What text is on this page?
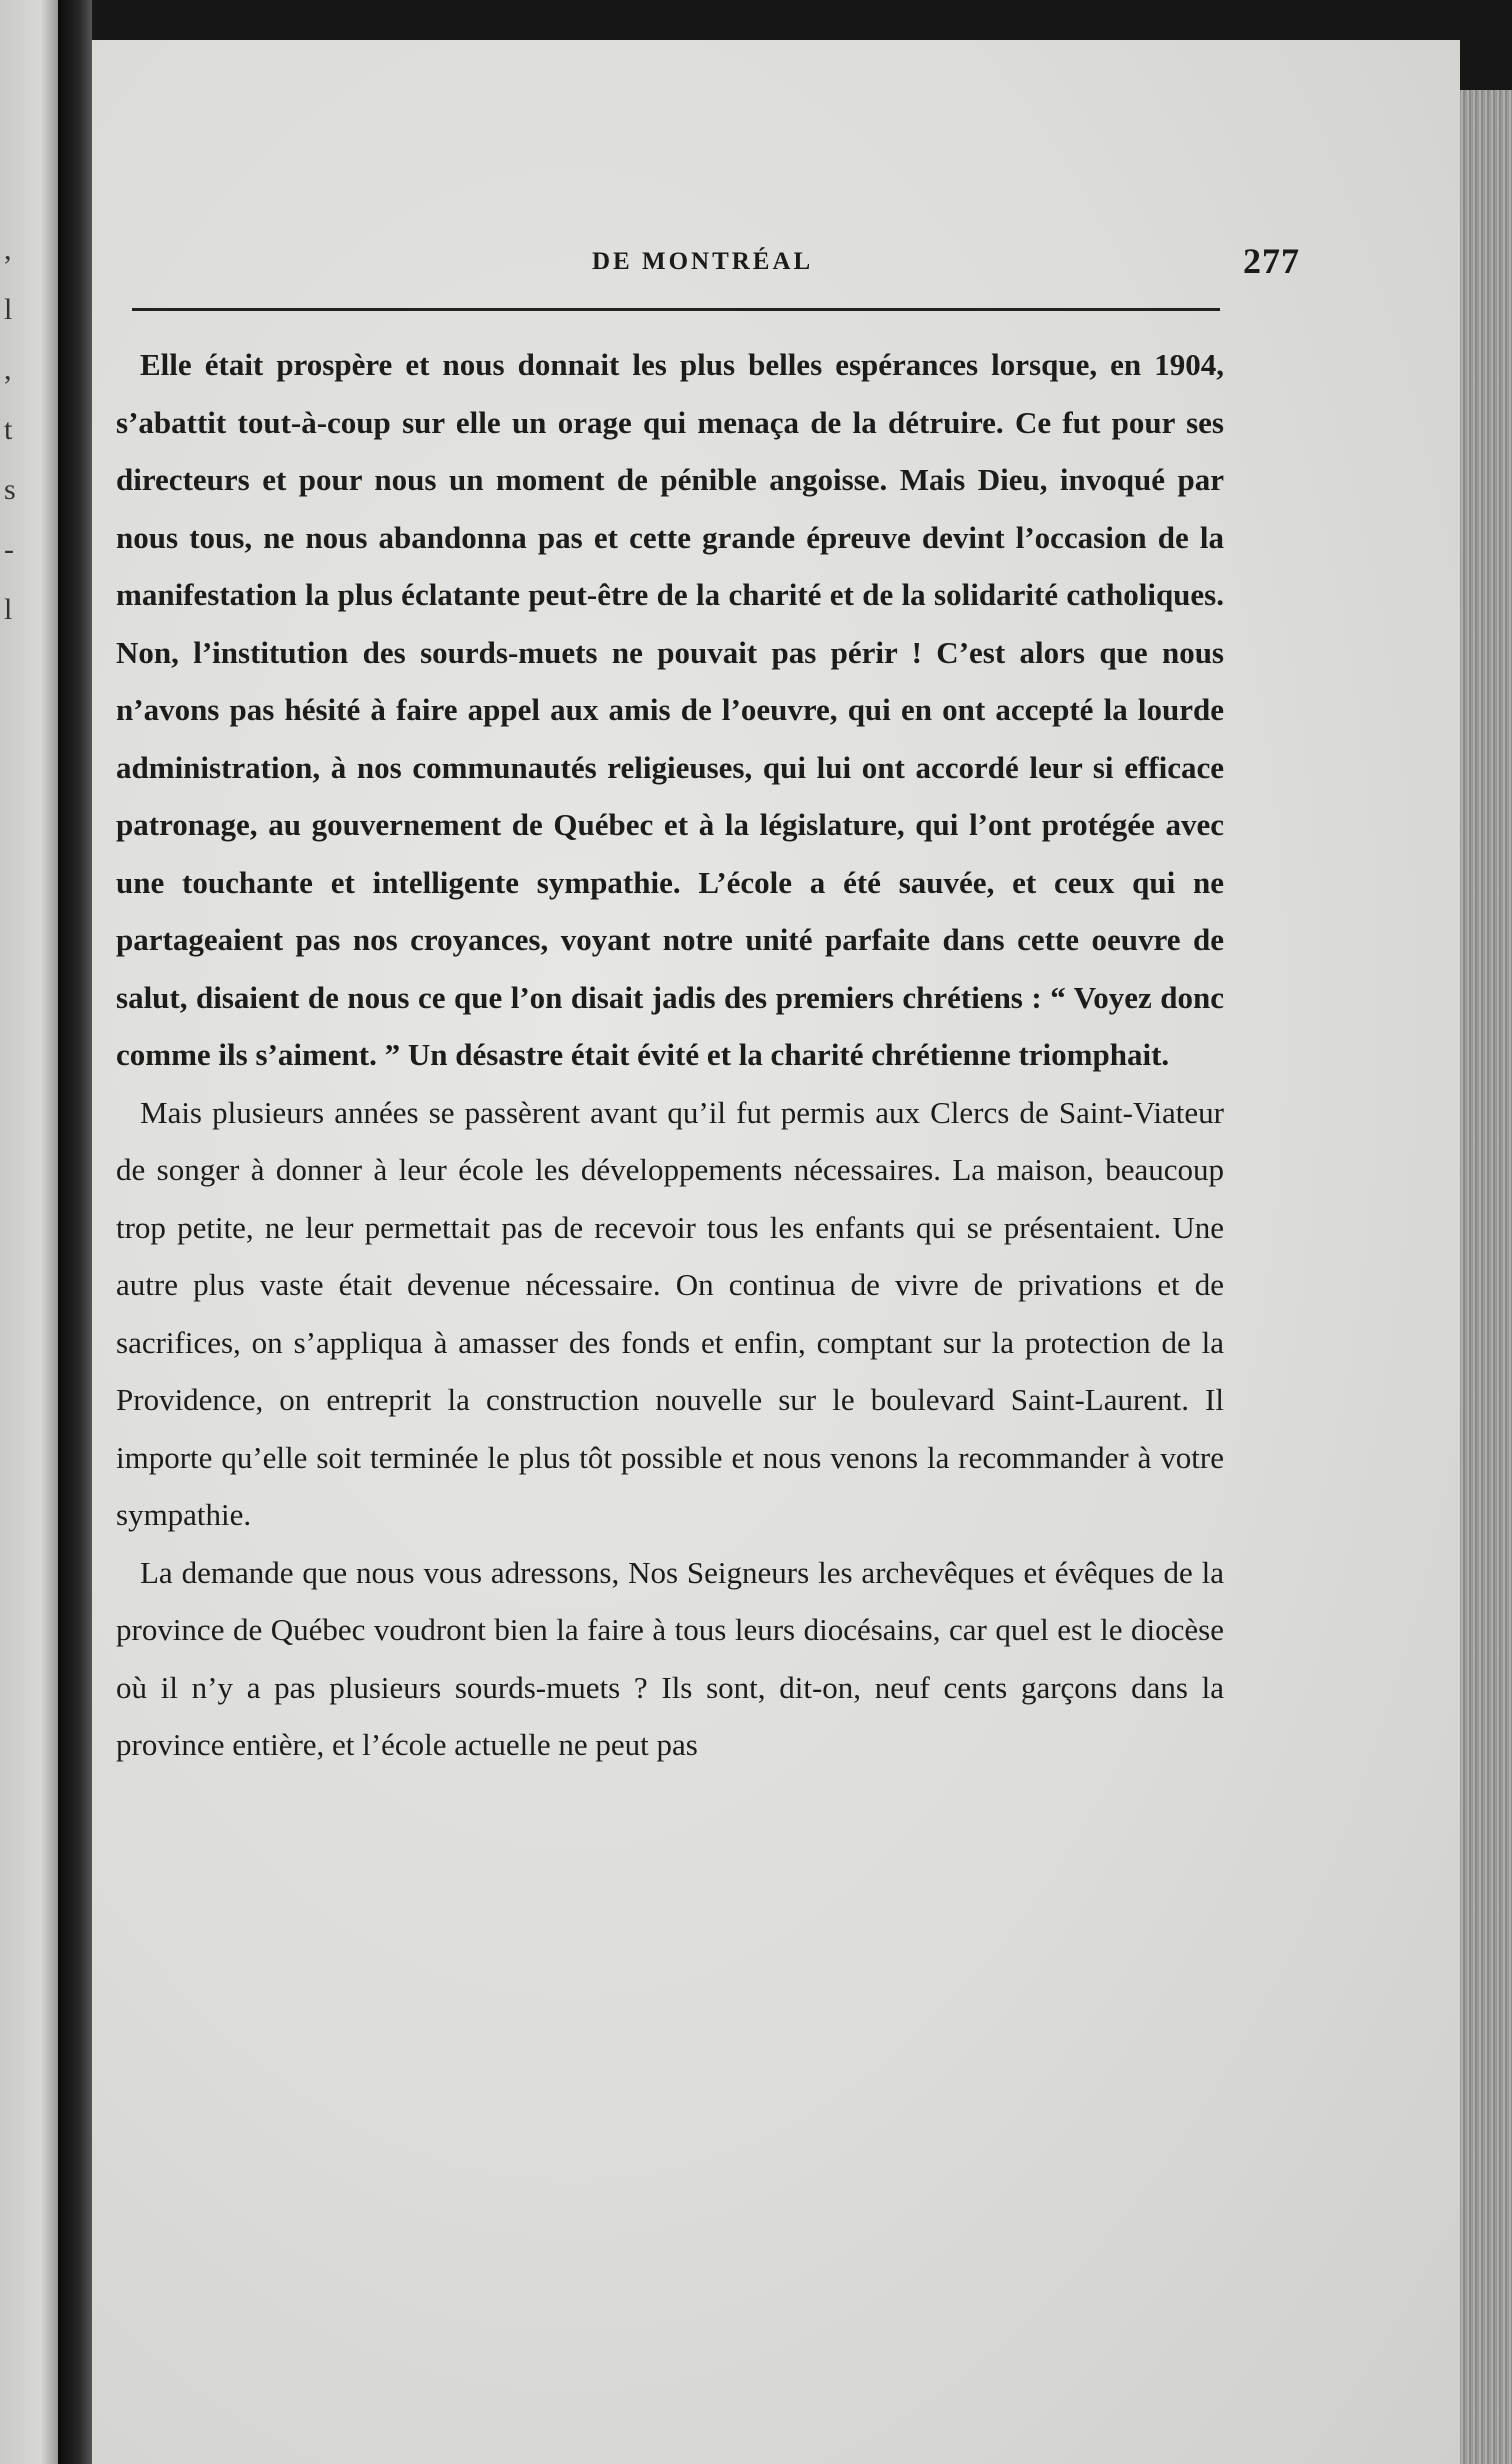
,
l
,
t
s
-
l
DE MONTRÉAL	277

Elle était prospère et nous donnait les plus belles espérances lorsque, en 1904, s’abattit tout-à-coup sur elle un orage qui menaça de la détruire. Ce fut pour ses directeurs et pour nous un moment de pénible angoisse. Mais Dieu, invoqué par nous tous, ne nous abandonna pas et cette grande épreuve devint l’occasion de la manifestation la plus éclatante peut-être de la charité et de la solidarité catholiques. Non, l’institution des sourds-muets ne pouvait pas périr ! C’est alors que nous n’avons pas hésité à faire appel aux amis de l’oeuvre, qui en ont accepté la lourde administration, à nos communautés religieuses, qui lui ont accordé leur si efficace patronage, au gouvernement de Québec et à la législature, qui l’ont protégée avec une touchante et intelligente sympathie. L’école a été sauvée, et ceux qui ne partageaient pas nos croyances, voyant notre unité parfaite dans cette oeuvre de salut, disaient de nous ce que l’on disait jadis des premiers chrétiens : “ Voyez donc comme ils s’aiment. ” Un désastre était évité et la charité chrétienne triomphait.

Mais plusieurs années se passèrent avant qu’il fut permis aux Clercs de Saint-Viateur de songer à donner à leur école les développements nécessaires. La maison, beaucoup trop petite, ne leur permettait pas de recevoir tous les enfants qui se présentaient. Une autre plus vaste était devenue nécessaire. On continua de vivre de privations et de sacrifices, on s’appliqua à amasser des fonds et enfin, comptant sur la protection de la Providence, on entreprit la construction nouvelle sur le boulevard Saint-Laurent. Il importe qu’elle soit terminée le plus tôt possible et nous venons la recommander à votre sympathie.

La demande que nous vous adressons, Nos Seigneurs les archevêques et évêques de la province de Québec voudront bien la faire à tous leurs diocésains, car quel est le diocèse où il n’y a pas plusieurs sourds-muets ? Ils sont, dit-on, neuf cents garçons dans la province entière, et l’école actuelle ne peut pas
